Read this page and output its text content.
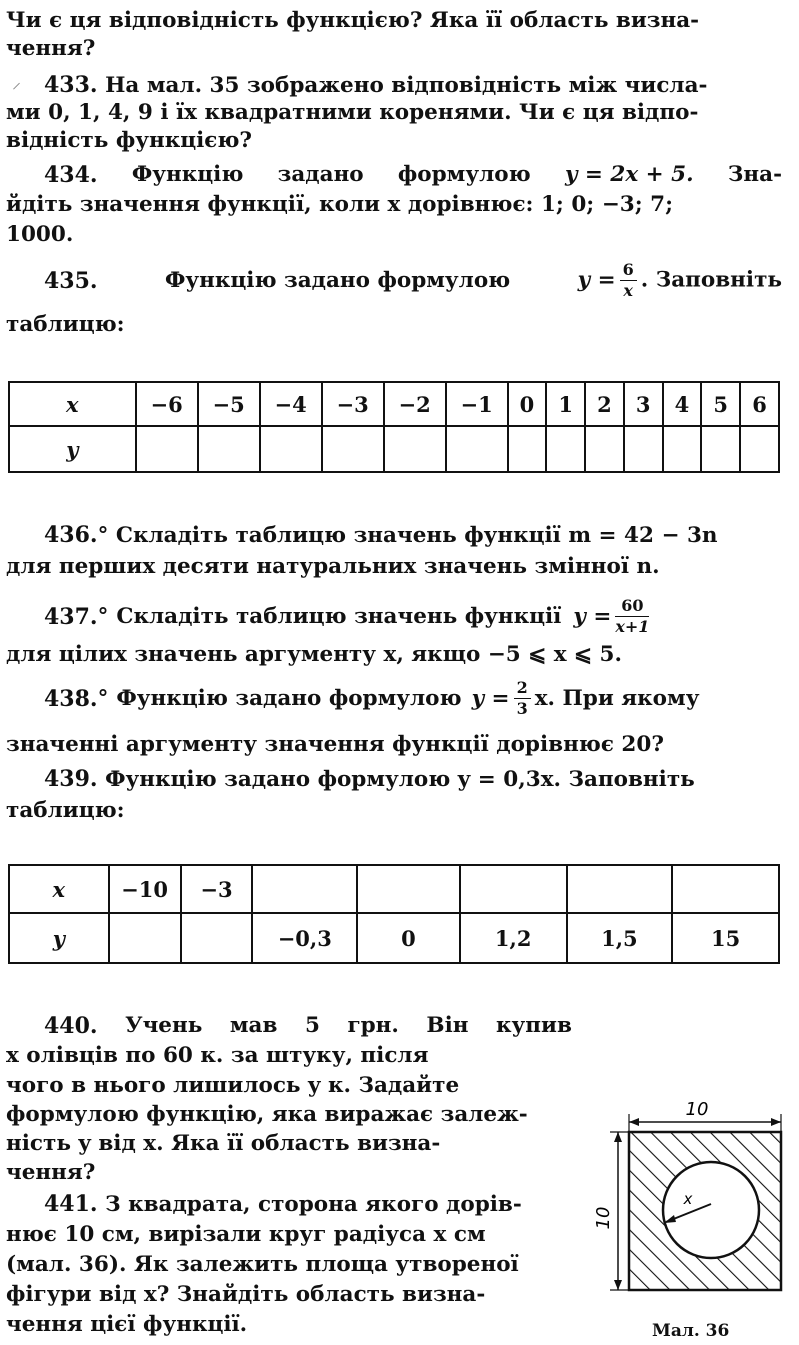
Чи є ця відповідність функцією? Яка її область визна-
чення?
⸝ 433. На мал. 35 зображено відповідність між числа-
ми 0, 1, 4, 9 і їх квадратними коренями. Чи є ця відпо-
відність функцією?
434. Функцію задано формулою y = 2x + 5. Зна-
йдіть значення функції, коли x дорівнює: 1; 0; −3; 7;
1000.
435.	Функцію задано формулою	$y = \frac{6}{x}$ . Заповніть
таблицю:
x	−6	−5	−4	−3	−2	−1	0	1	2	3	4	5	6
y													
436.° Складіть таблицю значень функції m = 42 − 3n
для перших десяти натуральних значень змінної n.
437. ° Складіть таблицю значень функції $y = \frac{60}{x+1}$
для цілих значень аргументу x, якщо −5 ⩽ x ⩽ 5.
438. ° Функцію задано формулою $y = \frac{2}{3} x$. При якому
значенні аргументу значення функції дорівнює 20?
439. Функцію задано формулою y = 0,3x. Заповніть
таблицю:
x	−10	−3					
y			−0,3	0	1,2	1,5	15
440. Учень мав 5 грн. Він купив
x олівців по 60 к. за штуку, після
чого в нього лишилось y к. Задайте
формулою функцію, яка виражає залеж-
ність y від x. Яка її область визна-
чення?
441. З квадрата, сторона якого дорів-
нює 10 см, вирізали круг радіуса x см
(мал. 36). Як залежить площа утвореної
фігури від x? Знайдіть область визна-
чення цієї функції.
10
10
x
Мал. 36
